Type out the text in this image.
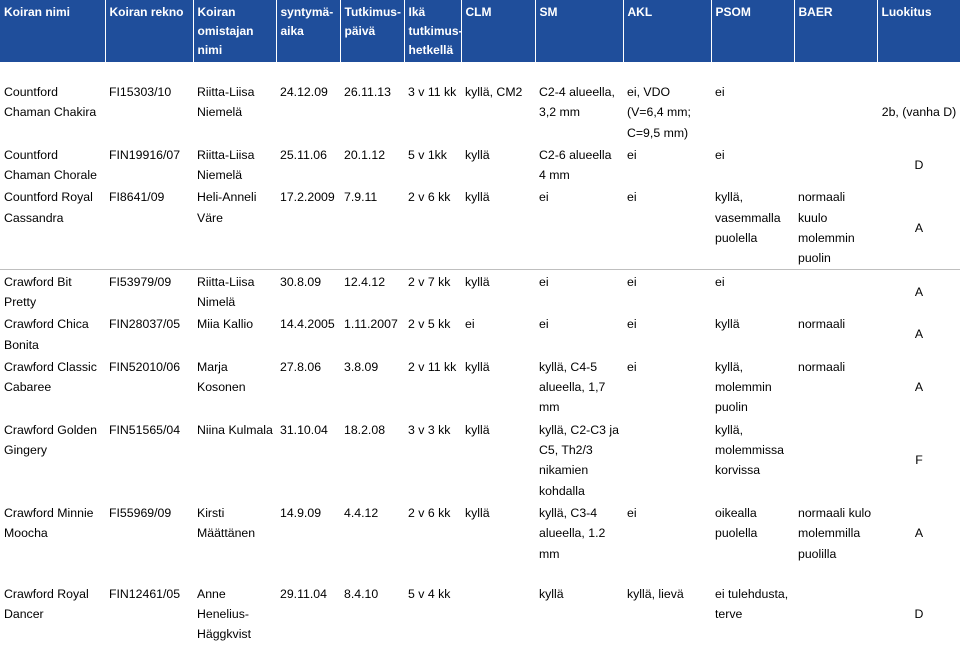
Koiran nimi	Koiran rekno	Koiran omistajan nimi	syntymä-aika	Tutkimus-päivä	Ikä tutkimus-hetkellä	CLM	SM	AKL	PSOM	BAER	Luokitus
Countford Chaman Chakira	FI15303/10	Riitta-Liisa Niemelä	24.12.09	26.11.13	3 v 11 kk	kyllä, CM2	C2-4 alueella, 3,2 mm	ei, VDO (V=6,4 mm; C=9,5 mm)	ei		2b, (vanha D)
Countford Chaman Chorale	FIN19916/07	Riitta-Liisa Niemelä	25.11.06	20.1.12	5 v 1kk	kyllä	C2-6 alueella 4 mm	ei	ei		D
Countford Royal Cassandra	FI8641/09	Heli-Anneli Väre	17.2.2009	7.9.11	2 v 6 kk	kyllä	ei	ei	kyllä, vasemmalla puolella	normaali kuulo molemmin puolin	A
Crawford Bit Pretty	FI53979/09	Riitta-Liisa Nimelä	30.8.09	12.4.12	2 v 7 kk	kyllä	ei	ei	ei		A
Crawford Chica Bonita	FIN28037/05	Miia Kallio	14.4.2005	1.11.2007	2 v 5 kk	ei	ei	ei	kyllä	normaali	A
Crawford Classic Cabaree	FIN52010/06	Marja Kosonen	27.8.06	3.8.09	2 v 11 kk	kyllä	kyllä, C4-5 alueella, 1,7 mm	ei	kyllä, molemmin puolin	normaali	A
Crawford Golden Gingery	FIN51565/04	Niina Kulmala	31.10.04	18.2.08	3 v 3 kk	kyllä	kyllä, C2-C3 ja C5, Th2/3 nikamien kohdalla		kyllä, molemmissa korvissa		F
Crawford Minnie Moocha	FI55969/09	Kirsti Määttänen	14.9.09	4.4.12	2 v 6 kk	kyllä	kyllä, C3-4 alueella, 1.2 mm	ei	oikealla puolella	normaali kulo molemmilla puolilla	A
Crawford Royal Dancer	FIN12461/05	Anne Henelius-Häggkvist	29.11.04	8.4.10	5 v 4 kk		kyllä	kyllä, lievä	ei tulehdusta, terve		D
